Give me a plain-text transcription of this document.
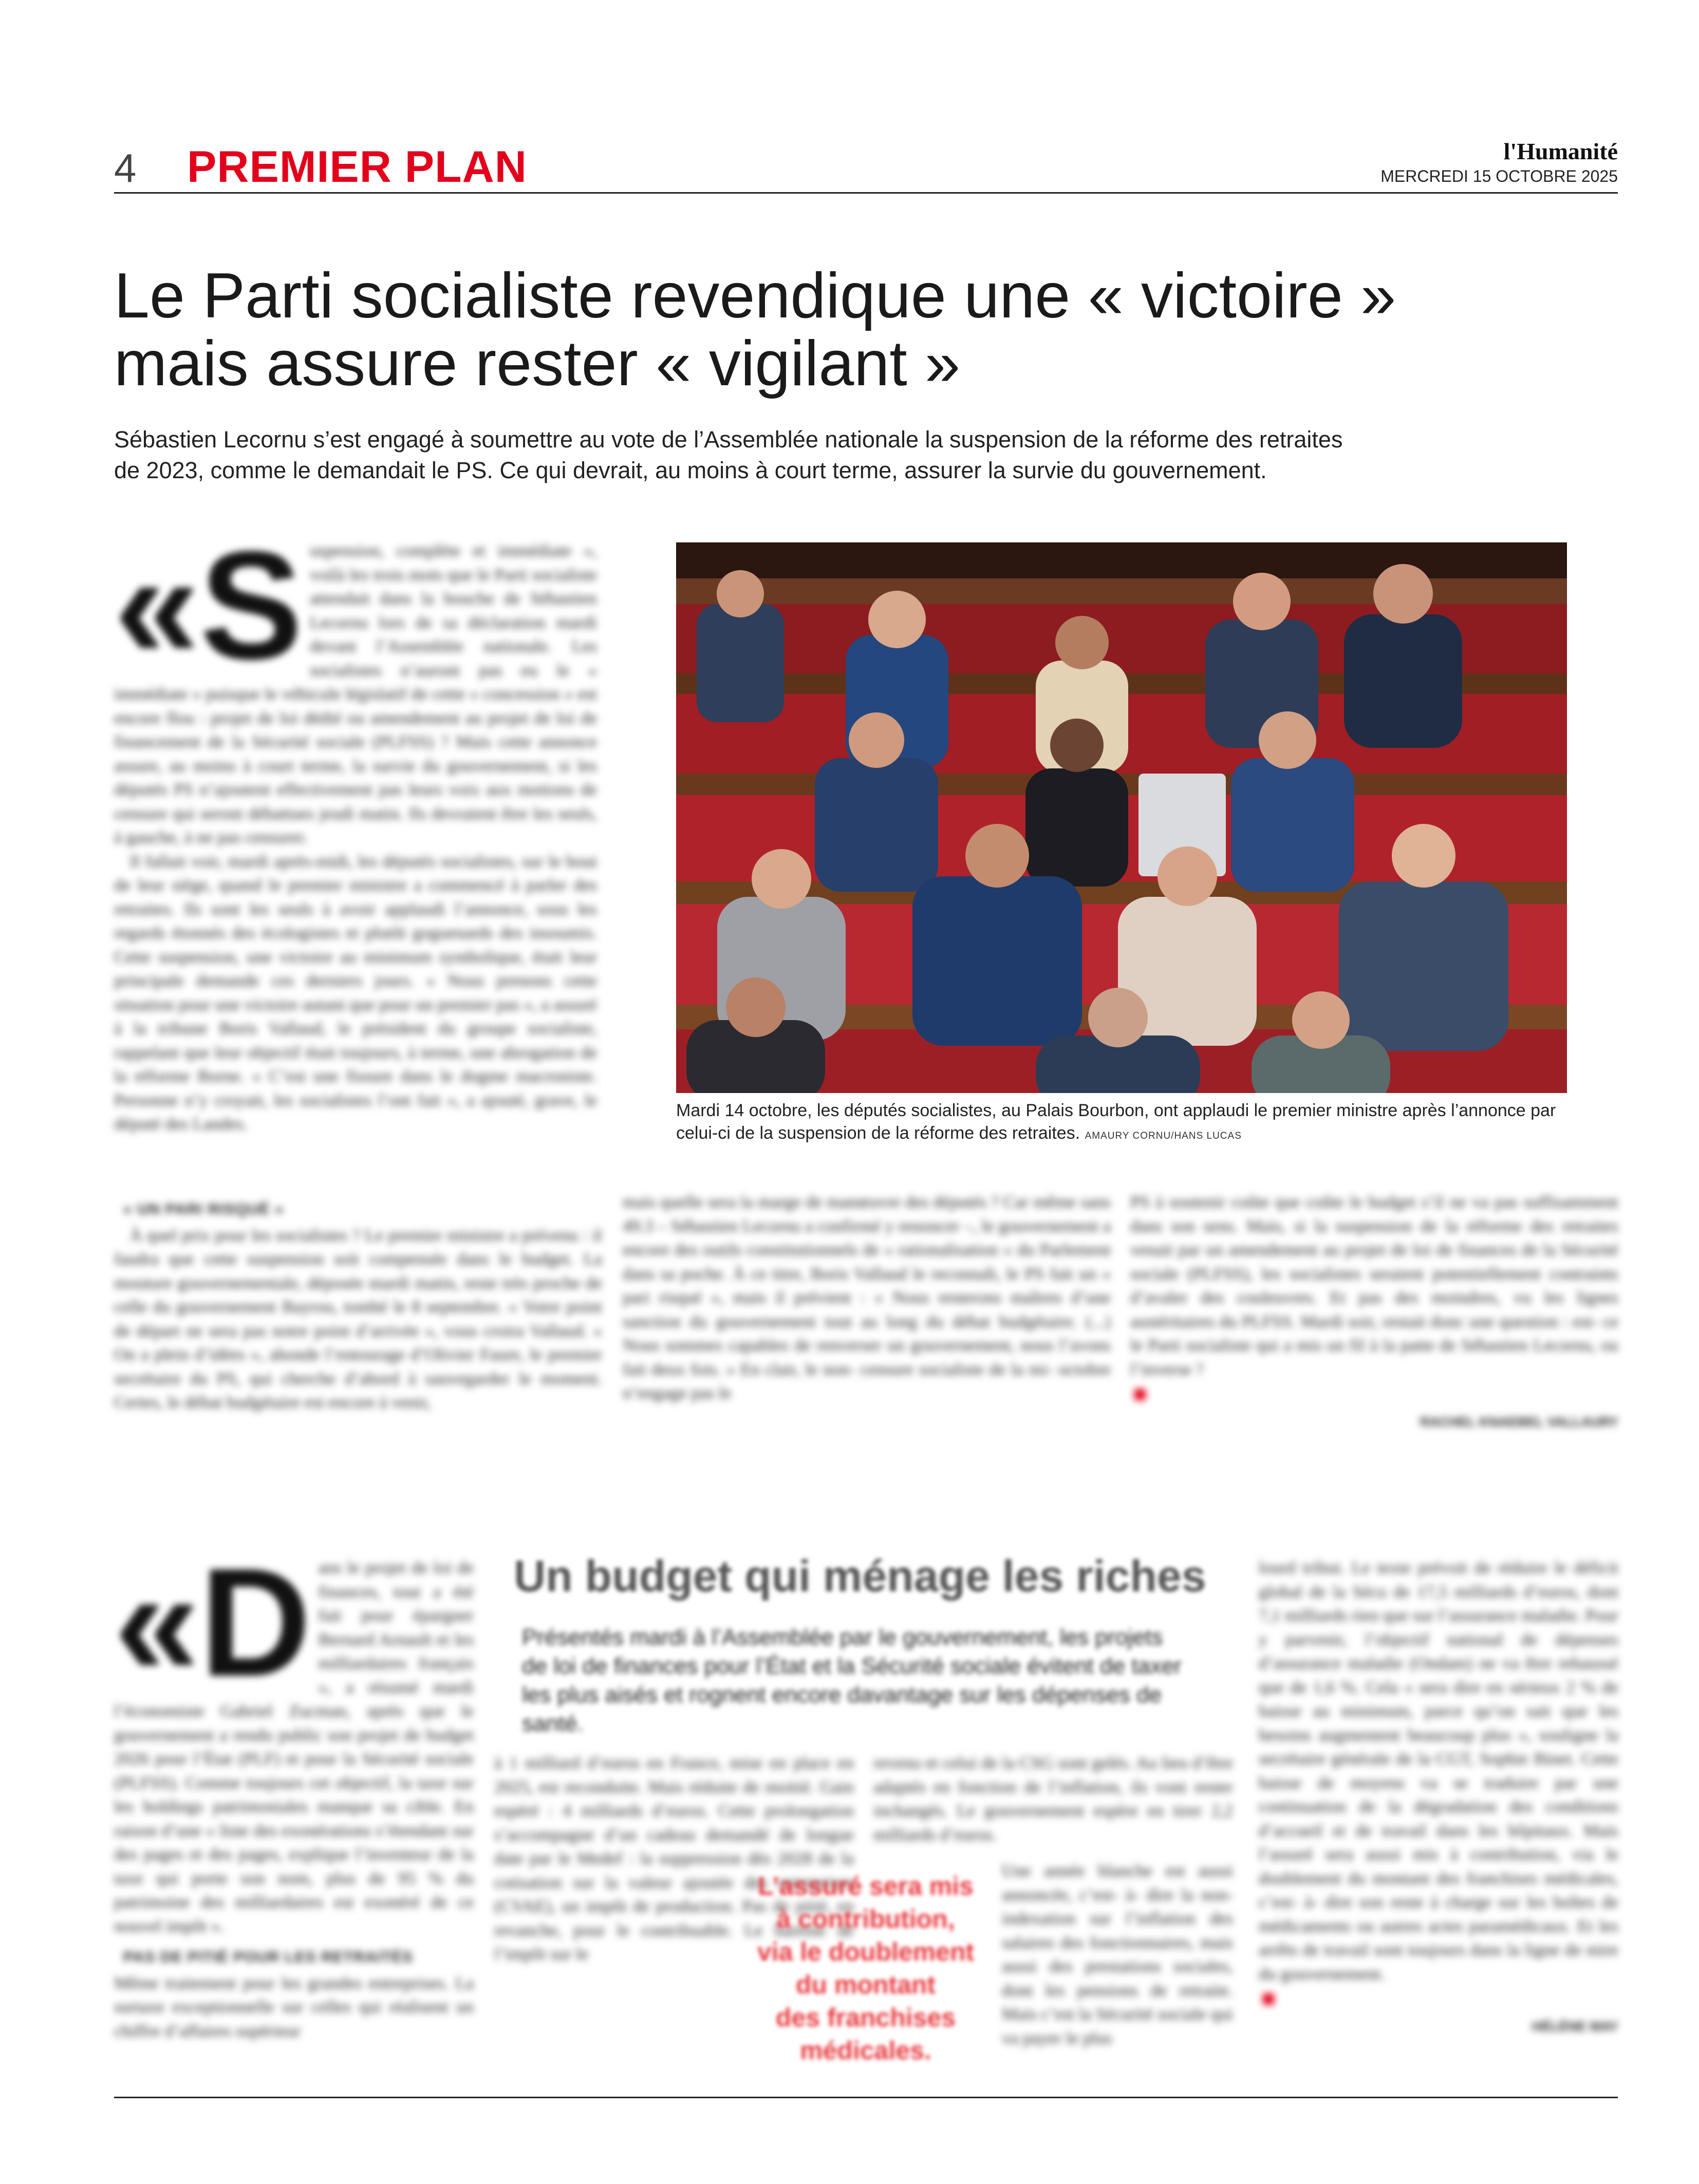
4 PREMIER PLAN	l'Humanité
MERCREDI 15 OCTOBRE 2025
Le Parti socialiste revendique une « victoire »
mais assure rester « vigilant »
Sébastien Lecornu s’est engagé à soumettre au vote de l’Assemblée nationale la suspension de la réforme des retraites
de 2023, comme le demandait le PS. Ce qui devrait, au moins à court terme, assurer la survie du gouvernement.
«S uspension, complète et immédiate », voilà les trois mots que le Parti socialiste attendait dans la bouche de Sébastien Lecornu lors de sa déclaration mardi devant l’Assemblée nationale. Les socialistes n’auront pas eu le « immédiate » puisque le véhicule législatif de cette « concession » est encore flou : projet de loi dédié ou amendement au projet de loi de financement de la Sécurité sociale (PLFSS) ? Mais cette annonce assure, au moins à court terme, la survie du gouvernement, si les députés PS n’ajoutent effectivement pas leurs voix aux motions de censure qui seront débattues jeudi matin. Ils devraient être les seuls, à gauche, à ne pas censurer.

Il fallait voir, mardi après-midi, les députés socialistes, sur le bout de leur siège, quand le premier ministre a commencé à parler des retraites. Ils sont les seuls à avoir applaudi l’annonce, sous les regards étonnés des écologistes et plutôt goguenards des insoumis. Cette suspension, une victoire au minimum symbolique, était leur principale demande ces derniers jours. « Nous prenons cette situation pour une victoire autant que pour un premier pas », a assuré à la tribune Boris Vallaud, le président du groupe socialiste, rappelant que leur objectif était toujours, à terme, une abrogation de la réforme Borne. « C’est une fissure dans le dogme macroniste. Personne n’y croyait, les socialistes l’ont fait », a ajouté, grave, le député des Landes.

Mardi 14 octobre, les députés socialistes, au Palais Bourbon, ont applaudi le premier ministre après l’annonce par celui-ci de la suspension de la réforme des retraites. AMAURY CORNU/HANS LUCAS
« UN PARI RISQUÉ »

À quel prix pour les socialistes ? Le premier ministre a prévenu : il faudra que cette suspension soit compensée dans le budget. La mouture gouvernementale, déposée mardi matin, reste très proche de celle du gouvernement Bayrou, tombé le 8 septembre. « Votre point de départ ne sera pas notre point d’arrivée », vous croira Vallaud. « On a plein d’idées », abonde l’entourage d’Olivier Faure, le premier secrétaire du PS, qui cherche d’abord à sauvegarder le moment. Certes, le débat budgétaire est encore à venir,

mais quelle sera la marge de manœuvre des députés ? Car même sans 49.3 – Sébastien Lecornu a confirmé y renoncer –, le gouvernement a encore des outils constitutionnels de « rationalisation » du Parlement dans sa poche. À ce titre, Boris Vallaud le reconnaît, le PS fait un « pari risqué », mais il prévient : « Nous resterons maîtres d’une sanction du gouvernement tout au long du débat budgétaire. (...) Nous sommes capables de renverser un gouvernement, nous l’avons fait deux fois. » En clair, le non- censure socialiste de la mi- octobre n’engage pas le

PS à soutenir coûte que coûte le budget s’il ne va pas suffisamment dans son sens. Mais, si la suspension de la réforme des retraites venait par un amendement au projet de loi de finances de la Sécurité sociale (PLFSS), les socialistes seraient potentiellement contraints d’avaler des couleuvres. Et pas des moindres, vu les lignes austéritaires du PLFSS. Mardi soir, restait donc une question : est- ce le Parti socialiste qui a mis un fil à la patte de Sébastien Lecornu, ou l’inverse ?

RACHEL KNAEBEL VALLAURY
Un budget qui ménage les riches
Présentés mardi à l’Assemblée par le gouvernement, les projets
de loi de finances pour l’État et la Sécurité sociale évitent de taxer
les plus aisés et rognent encore davantage sur les dépenses de santé.
«D ans le projet de loi de finances, tout a été fait pour épargner Bernard Arnault et les milliardaires français », a résumé mardi l’économiste Gabriel Zucman, après que le gouvernement a rendu public son projet de budget 2026 pour l’État (PLF) et pour la Sécurité sociale (PLFSS). Comme toujours cet objectif, la taxe sur les holdings patrimoniales manque sa cible. En raison d’une « liste des exonérations s’étendant sur des pages et des pages, explique l’inventeur de la taxe qui porte son nom, plus de 95 % du patrimoine des milliardaires est exonéré de ce nouvel impôt ».

PAS DE PITIÉ POUR LES RETRAITÉS

Même traitement pour les grandes entreprises. La surtaxe exceptionnelle sur celles qui réalisent un chiffre d’affaires supérieur

à 1 milliard d’euros en France, mise en place en 2025, est reconduite. Mais réduite de moitié. Gain espéré : 4 milliards d’euros. Cette prolongation s’accompagne d’un cadeau demandé de longue date par le Medef : la suppression dès 2028 de la cotisation sur la valeur ajoutée des entreprises (CVAE), un impôt de production. Pas de pitié, en revanche, pour le contribuable. Le barème de l’impôt sur le

revenu et celui de la CSG sont gelés. Au lieu d’être adaptés en fonction de l’inflation, ils vont rester inchangés. Le gouvernement espère en tirer 2,2 milliards d’euros.

L’assuré sera mis
à contribution,
via le doublement
du montant
des franchises
médicales.

Une année blanche est aussi annoncée, c’est- à- dire la non- indexation sur l’inflation des salaires des fonctionnaires, mais aussi des prestations sociales, dont les pensions de retraite. Mais c’est la Sécurité sociale qui va payer le plus

lourd tribut. Le texte prévoit de réduire le déficit global de la Sécu de 17,5 milliards d’euros, dont 7,1 milliards rien que sur l’assurance maladie. Pour y parvenir, l’objectif national de dépenses d’assurance maladie (Ondam) ne va être rehaussé que de 1,6 %. Cela « sera dire en sérieux 2 % de baisse au minimum, parce qu’on sait que les besoins augmentent beaucoup plus », souligne la secrétaire générale de la CGT, Sophie Binet. Cette baisse de moyens va se traduire par une continuation de la dégradation des conditions d’accueil et de travail dans les hôpitaux. Mais l’assuré sera aussi mis à contribution, via le doublement du montant des franchises médicales, c’est- à- dire son reste à charge sur les boîtes de médicaments ou autres actes paramédicaux. Et les arrêts de travail sont toujours dans la ligne de mire du gouvernement.

HÉLÈNE MAY
